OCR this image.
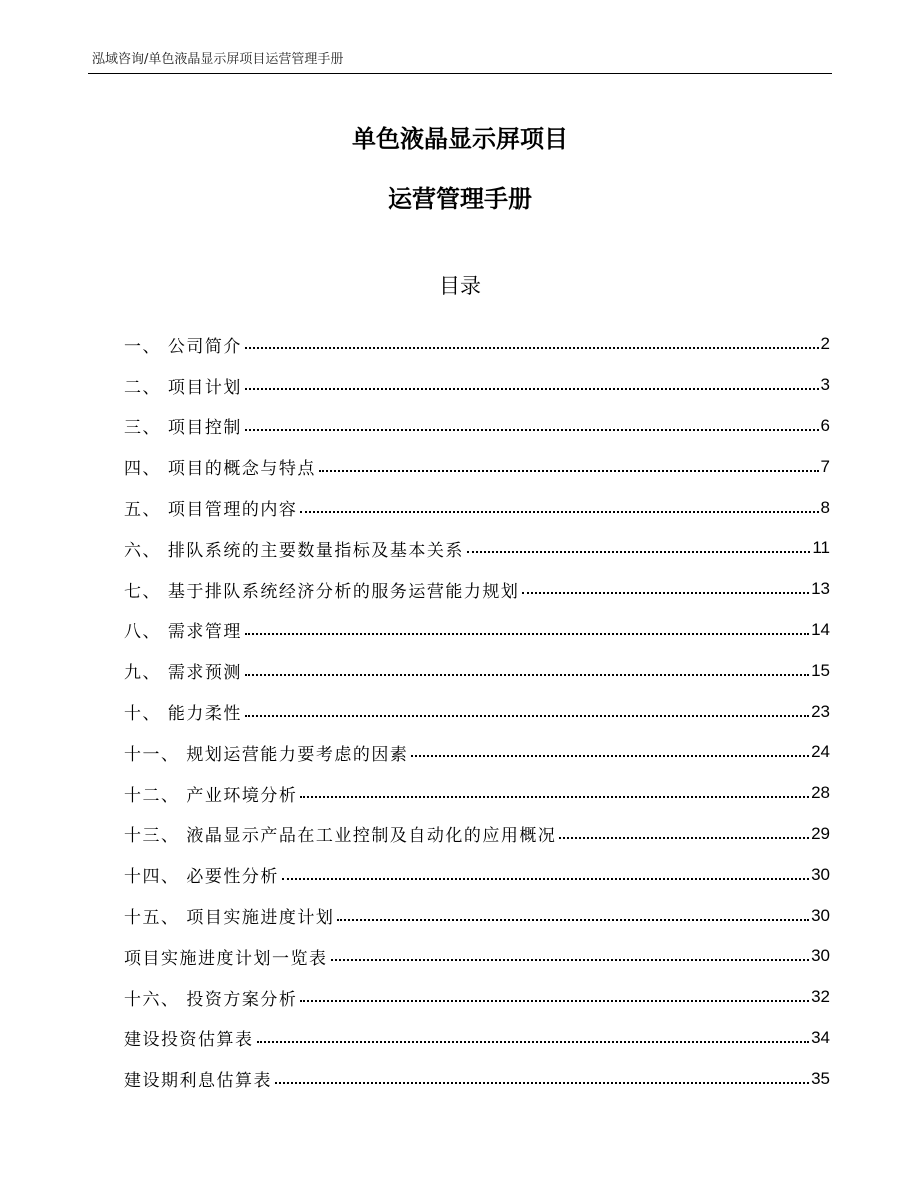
泓域咨询/单色液晶显示屏项目运营管理手册
单色液晶显示屏项目
运营管理手册
目录
一、 公司简介	2
二、 项目计划	3
三、 项目控制	6
四、 项目的概念与特点	7
五、 项目管理的内容	8
六、 排队系统的主要数量指标及基本关系	11
七、 基于排队系统经济分析的服务运营能力规划	13
八、 需求管理	14
九、 需求预测	15
十、 能力柔性	23
十一、 规划运营能力要考虑的因素	24
十二、 产业环境分析	28
十三、 液晶显示产品在工业控制及自动化的应用概况	29
十四、 必要性分析	30
十五、 项目实施进度计划	30
项目实施进度计划一览表	30
十六、 投资方案分析	32
建设投资估算表	34
建设期利息估算表	35
